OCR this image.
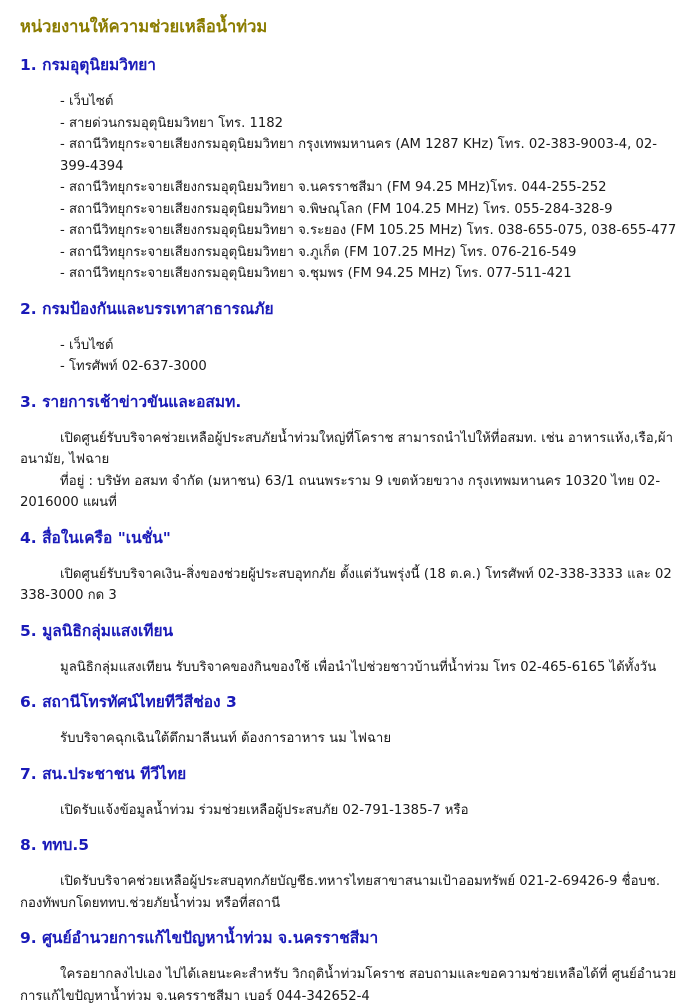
หน่วยงานให้ความช่วยเหลือน้ำท่วม
1. กรมอุตุนิยมวิทยา
- เว็บไซต์
- สายด่วนกรมอุตุนิยมวิทยา โทร. 1182
- สถานีวิทยุกระจายเสียงกรมอุตุนิยมวิทยา กรุงเทพมหานคร (AM 1287 KHz) โทร. 02-383-9003-4, 02-399-4394
- สถานีวิทยุกระจายเสียงกรมอุตุนิยมวิทยา จ.นครราชสีมา (FM 94.25 MHz)โทร. 044-255-252
- สถานีวิทยุกระจายเสียงกรมอุตุนิยมวิทยา จ.พิษณุโลก (FM 104.25 MHz) โทร. 055-284-328-9
- สถานีวิทยุกระจายเสียงกรมอุตุนิยมวิทยา จ.ระยอง (FM 105.25 MHz) โทร. 038-655-075, 038-655-477
- สถานีวิทยุกระจายเสียงกรมอุตุนิยมวิทยา จ.ภูเก็ต (FM 107.25 MHz) โทร. 076-216-549
- สถานีวิทยุกระจายเสียงกรมอุตุนิยมวิทยา จ.ชุมพร (FM 94.25 MHz) โทร. 077-511-421
2. กรมป้องกันและบรรเทาสาธารณภัย
- เว็บไซต์
- โทรศัพท์ 02-637-3000
3. รายการเช้าข่าวขันและอสมท.
เปิดศูนย์รับบริจาคช่วยเหลือผู้ประสบภัยน้ำท่วมใหญ่ที่โคราช สามารถนำไปให้ที่อสมท. เช่น อาหารแห้ง,เรือ,ผ้าอนามัย, ไฟฉาย
ที่อยู่ : บริษัท อสมท จำกัด (มหาชน) 63/1 ถนนพระราม 9 เขตห้วยขวาง กรุงเทพมหานคร 10320 ไทย 02-2016000 แผนที่
4. สื่อในเครือ "เนชั่น"
เปิดศูนย์รับบริจาคเงิน-สิ่งของช่วยผู้ประสบอุทกภัย ตั้งแต่วันพรุ่งนี้ (18 ต.ค.) โทรศัพท์ 02-338-3333 และ 02 338-3000 กด 3
5. มูลนิธิกลุ่มแสงเทียน
มูลนิธิกลุ่มแสงเทียน รับบริจาคของกินของใช้ เพื่อนำไปช่วยชาวบ้านที่น้ำท่วม โทร 02-465-6165 ได้ทั้งวัน
6. สถานีโทรทัศน์ไทยทีวีสีช่อง 3
รับบริจาคฉุกเฉินใต้ตึกมาลีนนท์ ต้องการอาหาร นม ไฟฉาย
7. สน.ประชาชน ทีวีไทย
เปิดรับแจ้งข้อมูลน้ำท่วม ร่วมช่วยเหลือผู้ประสบภัย 02-791-1385-7 หรือ
8. ททบ.5
เปิดรับบริจาคช่วยเหลือผู้ประสบอุทกภัยบัญชีธ.ทหารไทยสาขาสนามเป้าออมทรัพย์ 021-2-69426-9 ชื่อบช. กองทัพบกโดยททบ.ช่วยภัยน้ำท่วม หรือที่สถานี
9. ศูนย์อำนวยการแก้ไขปัญหาน้ำท่วม จ.นครราชสีมา
ใครอยากลงไปเอง ไปได้เลยนะคะสำหรับ วิกฤติน้ำท่วมโคราช สอบถามและขอความช่วยเหลือได้ที่ ศูนย์อำนวยการแก้ไขปัญหาน้ำท่วม จ.นครราชสีมา เบอร์ 044-342652-4
